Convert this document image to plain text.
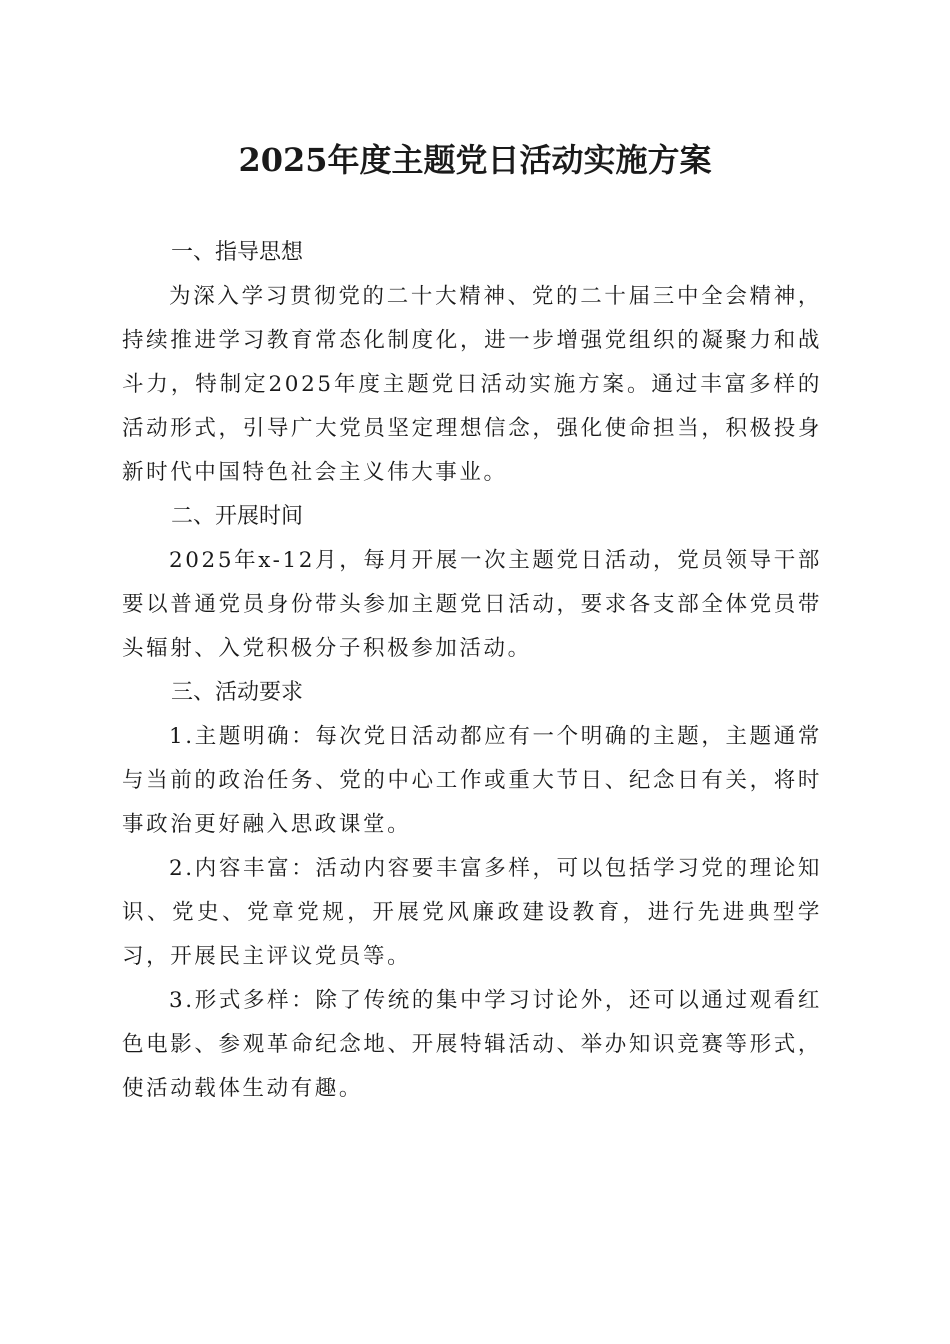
2025年度主题党日活动实施方案

一、指导思想

为深入学习贯彻党的二十大精神、党的二十届三中全会精神，持续推进学习教育常态化制度化，进一步增强党组织的凝聚力和战斗力，特制定2025年度主题党日活动实施方案。通过丰富多样的活动形式，引导广大党员坚定理想信念，强化使命担当，积极投身新时代中国特色社会主义伟大事业。

二、开展时间

2025年x-12月，每月开展一次主题党日活动，党员领导干部要以普通党员身份带头参加主题党日活动，要求各支部全体党员带头辐射、入党积极分子积极参加活动。

三、活动要求

1.主题明确：每次党日活动都应有一个明确的主题，主题通常与当前的政治任务、党的中心工作或重大节日、纪念日有关，将时事政治更好融入思政课堂。

2.内容丰富：活动内容要丰富多样，可以包括学习党的理论知识、党史、党章党规，开展党风廉政建设教育，进行先进典型学习，开展民主评议党员等。

3.形式多样：除了传统的集中学习讨论外，还可以通过观看红色电影、参观革命纪念地、开展特辑活动、举办知识竞赛等形式，使活动载体生动有趣。
